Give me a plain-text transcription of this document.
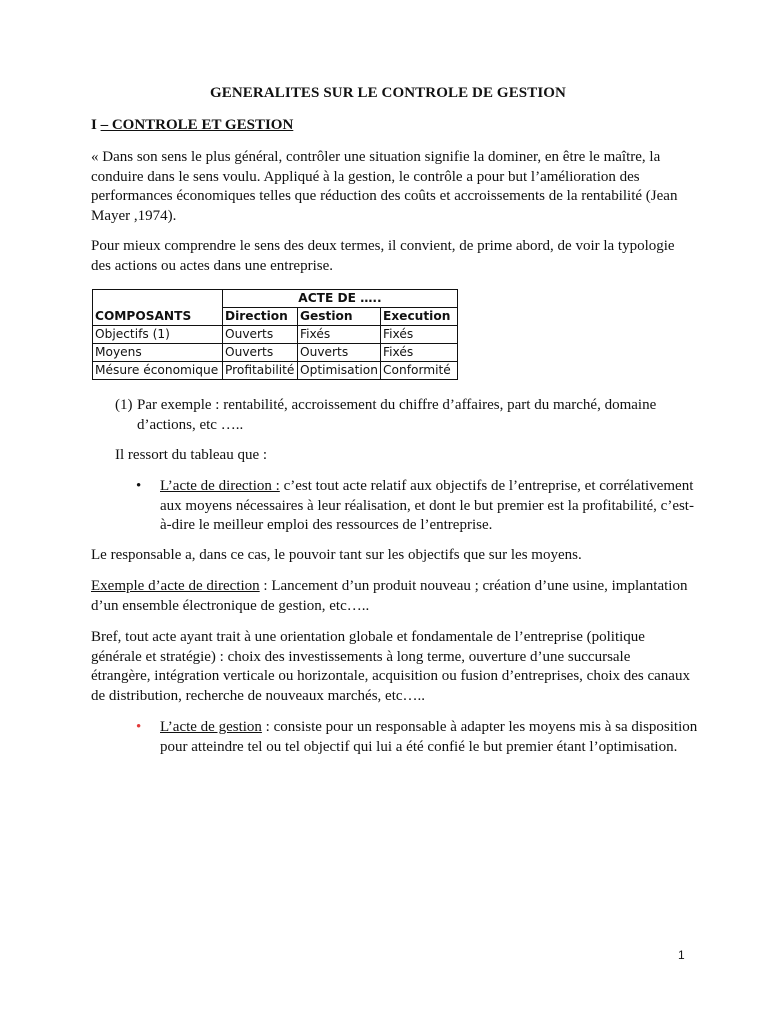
GENERALITES SUR LE CONTROLE DE GESTION
I – CONTROLE ET GESTION

« Dans son sens le plus général, contrôler une situation signifie la dominer, en être le maître, la conduire dans le sens voulu. Appliqué à la gestion, le contrôle a pour but l’amélioration des performances économiques telles que réduction des coûts et accroissements de la rentabilité (Jean Mayer ,1974).

Pour mieux comprendre le sens des deux termes, il convient, de prime abord, de voir la typologie des actions ou actes dans une entreprise.

	ACTE DE …..		
COMPOSANTS	Direction	Gestion	Execution
Objectifs (1)	Ouverts	Fixés	Fixés
Moyens	Ouverts	Ouverts	Fixés
Mésure économique	Profitabilité	Optimisation	Conformité
(1) Par exemple : rentabilité, accroissement du chiffre d’affaires, part du marché, domaine d’actions, etc …..
Il ressort du tableau que :
• L’acte de direction : c’est tout acte relatif aux objectifs de l’entreprise, et corrélativement aux moyens nécessaires à leur réalisation, et dont le but premier est la profitabilité, c’est-à-dire le meilleur emploi des ressources de l’entreprise.

Le responsable a, dans ce cas, le pouvoir tant sur les objectifs que sur les moyens.

Exemple d’acte de direction : Lancement d’un produit nouveau ; création d’une usine, implantation d’un ensemble électronique de gestion, etc…..

Bref, tout acte ayant trait à une orientation globale et fondamentale de l’entreprise (politique générale et stratégie) : choix des investissements à long terme, ouverture d’une succursale étrangère, intégration verticale ou horizontale, acquisition ou fusion d’entreprises, choix des canaux de distribution, recherche de nouveaux marchés, etc…..

• L’acte de gestion : consiste pour un responsable à adapter les moyens mis à sa disposition pour atteindre tel ou tel objectif qui lui a été confié le but premier étant l’optimisation.
1
